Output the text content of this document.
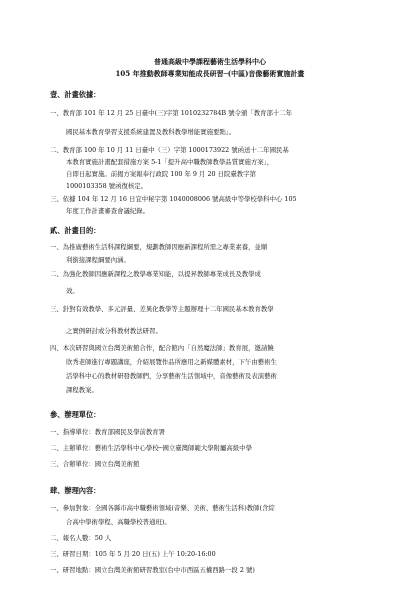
普通高級中學課程藝術生活學科中心
105 年推動教師專業知能成長研習─(中區)音像藝術實施計畫
壹、計畫依據：
一、教育部 101 年 12 月 25 日臺中(三)字第 1010232784B 號令頒「教育部十二年
國民基本教育學習支援系統建置及教科教學增能實施要點」。
二、教育部 100 年 10 月 11 日臺中（三）字第 1000173922 號函送十二年國民基
本教育實施計畫配套措施方案 5-1「提升高中職教師教學品質實施方案」，
自即日起實施。前揭方案報奉行政院 100 年 9 月 20 日院臺教字第
1000103358 號函復核定。
三、依據 104 年 12 月 16 日宜中秘字第 1040008006 號高級中等學校學科中心 105
年度工作計畫審查會議紀錄。
貳、計畫目的：
一、為推廣藝術生活科課程綱要，規劃教師因應新課程所需之專業素養，並順
利銜接課程綱要內涵。
二、為強化教師因應新課程之教學專業知能，以提昇教師專業成長及教學成
效。
三、針對有效教學、多元評量、差異化教學等主題辦理十二年國民基本教育教學
之實例研討或分科教材教法研習。
四、本次研習與國立台灣美術館合作，配合館內「自然魔法師」教育展，邀請饒
欣秀老師進行專題講座，介紹展覽作品所應用之新媒體素材，下午由藝術生
活學科中心的教材研發教師們，分享藝術生活領域中，音像藝術及表演藝術
課程教案。
參、辦理單位：
一、指導單位：教育部國民及學前教育署
二、主辦單位：藝術生活學科中心學校─國立臺灣師範大學附屬高級中學
三、合辦單位：國立台灣美術館
肆、辦理內容：
一、參加對象：全國各縣市高中職藝術領域(音樂、美術、藝術生活科)教師(含綜
合高中學術學程、高職學校普通班)。
二、報名人數：50 人
三、研習日期：105 年 5 月 20 日(五) 上午 10:20-16:00
一、研習地點：國立台灣美術館研習教室(台中市西區五權西路一段 2 號)
